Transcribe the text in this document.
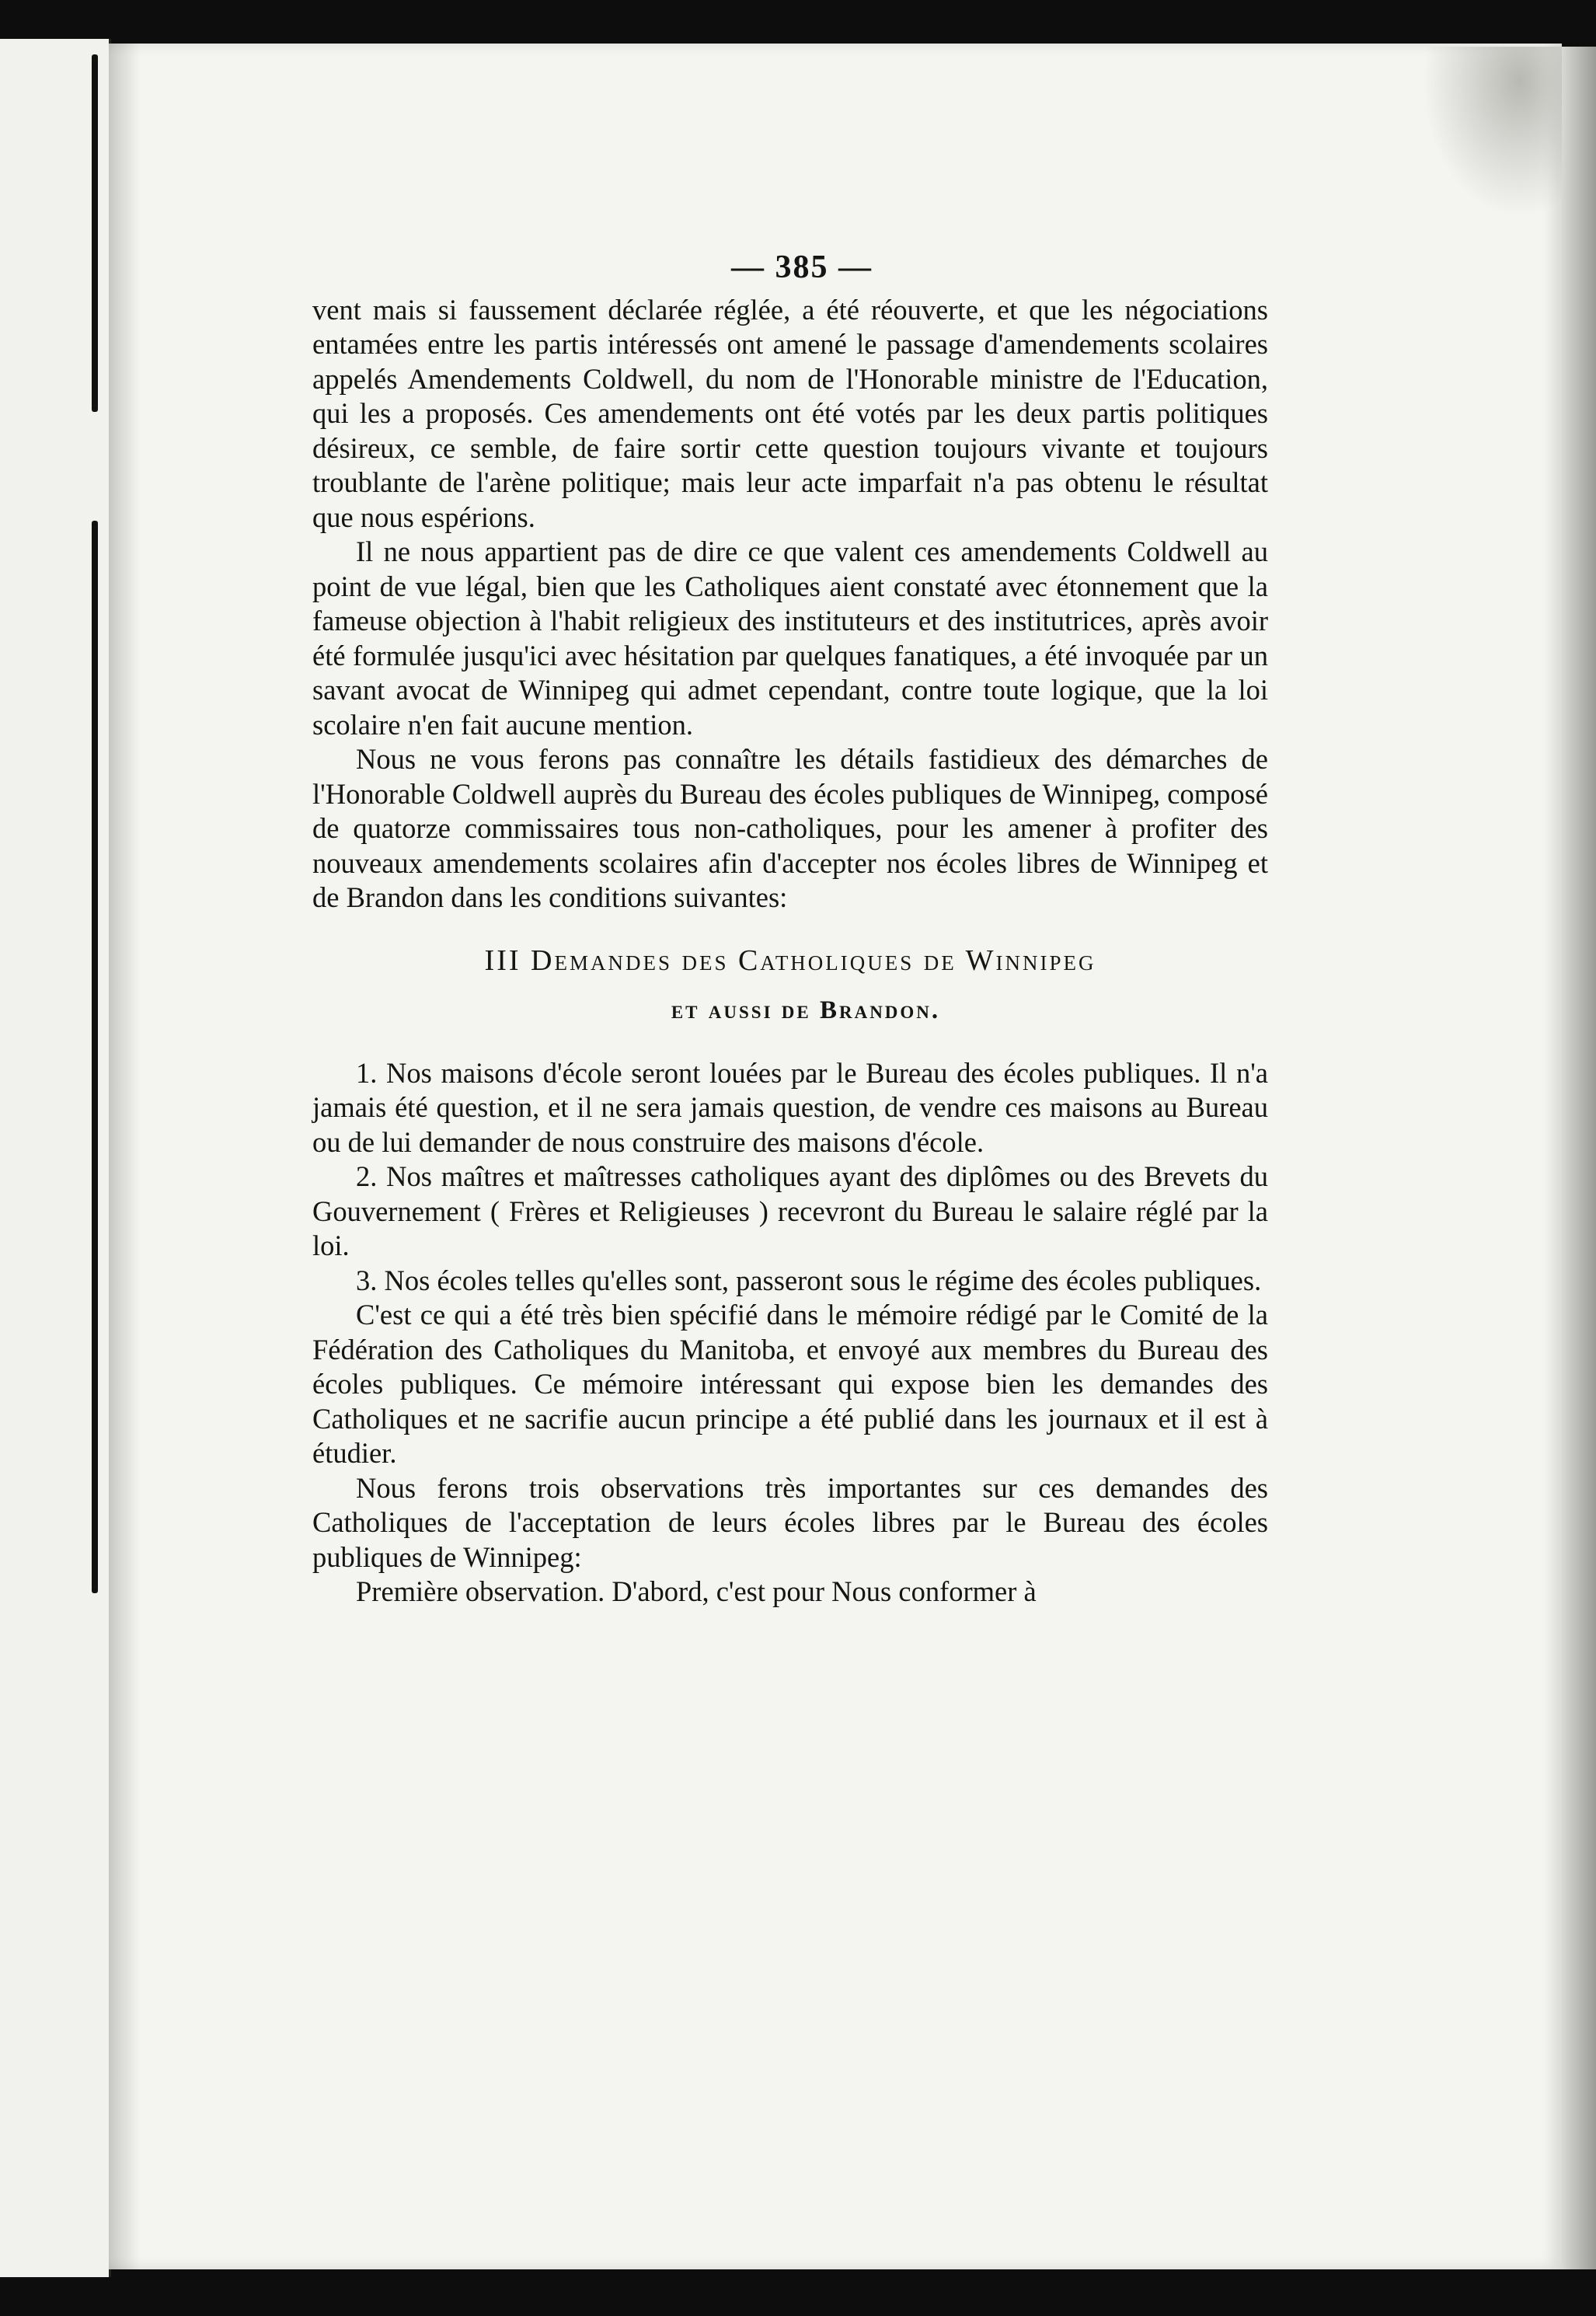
— 385 —

vent mais si faussement déclarée réglée, a été réouverte, et que les négociations entamées entre les partis intéressés ont amené le passage d'amendements scolaires appelés Amendements Coldwell, du nom de l'Honorable ministre de l'Education, qui les a proposés. Ces amendements ont été votés par les deux partis politiques désireux, ce semble, de faire sortir cette question toujours vivante et toujours troublante de l'arène politique; mais leur acte imparfait n'a pas obtenu le résultat que nous espérions.

Il ne nous appartient pas de dire ce que valent ces amendements Coldwell au point de vue légal, bien que les Catholiques aient constaté avec étonnement que la fameuse objection à l'habit religieux des instituteurs et des institutrices, après avoir été formulée jusqu'ici avec hésitation par quelques fanatiques, a été invoquée par un savant avocat de Winnipeg qui admet cependant, contre toute logique, que la loi scolaire n'en fait aucune mention.

Nous ne vous ferons pas connaître les détails fastidieux des démarches de l'Honorable Coldwell auprès du Bureau des écoles publiques de Winnipeg, composé de quatorze commissaires tous non-catholiques, pour les amener à profiter des nouveaux amendements scolaires afin d'accepter nos écoles libres de Winnipeg et de Brandon dans les conditions suivantes:

III Demandes des Catholiques de Winnipeg
et aussi de Brandon.

1. Nos maisons d'école seront louées par le Bureau des écoles publiques. Il n'a jamais été question, et il ne sera jamais question, de vendre ces maisons au Bureau ou de lui demander de nous construire des maisons d'école.

2. Nos maîtres et maîtresses catholiques ayant des diplômes ou des Brevets du Gouvernement ( Frères et Religieuses ) recevront du Bureau le salaire réglé par la loi.

3. Nos écoles telles qu'elles sont, passeront sous le régime des écoles publiques.

C'est ce qui a été très bien spécifié dans le mémoire rédigé par le Comité de la Fédération des Catholiques du Manitoba, et envoyé aux membres du Bureau des écoles publiques. Ce mémoire intéressant qui expose bien les demandes des Catholiques et ne sacrifie aucun principe a été publié dans les journaux et il est à étudier.

Nous ferons trois observations très importantes sur ces demandes des Catholiques de l'acceptation de leurs écoles libres par le Bureau des écoles publiques de Winnipeg:

Première observation. D'abord, c'est pour Nous conformer à
